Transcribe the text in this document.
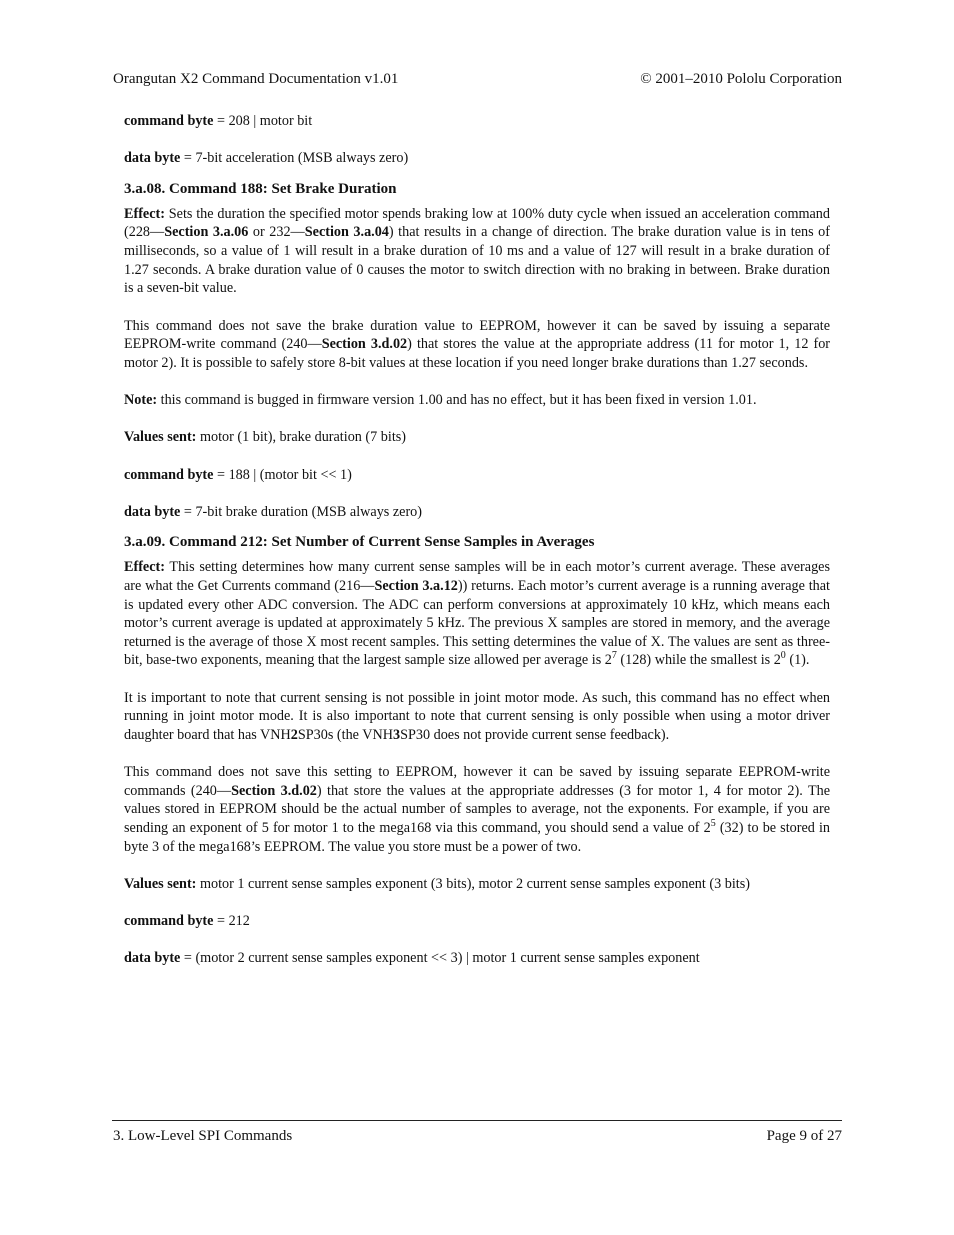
Orangutan X2 Command Documentation v1.01	© 2001–2010 Pololu Corporation

command byte = 208 | motor bit

data byte = 7-bit acceleration (MSB always zero)

3.a.08. Command 188: Set Brake Duration

Effect: Sets the duration the specified motor spends braking low at 100% duty cycle when issued an acceleration command (228—Section 3.a.06 or 232—Section 3.a.04) that results in a change of direction. The brake duration value is in tens of milliseconds, so a value of 1 will result in a brake duration of 10 ms and a value of 127 will result in a brake duration of 1.27 seconds. A brake duration value of 0 causes the motor to switch direction with no braking in between. Brake duration is a seven-bit value.

This command does not save the brake duration value to EEPROM, however it can be saved by issuing a separate EEPROM-write command (240—Section 3.d.02) that stores the value at the appropriate address (11 for motor 1, 12 for motor 2). It is possible to safely store 8-bit values at these location if you need longer brake durations than 1.27 seconds.

Note: this command is bugged in firmware version 1.00 and has no effect, but it has been fixed in version 1.01.

Values sent: motor (1 bit), brake duration (7 bits)

command byte = 188 | (motor bit << 1)

data byte = 7-bit brake duration (MSB always zero)

3.a.09. Command 212: Set Number of Current Sense Samples in Averages

Effect: This setting determines how many current sense samples will be in each motor’s current average. These averages are what the Get Currents command (216—Section 3.a.12)) returns. Each motor’s current average is a running average that is updated every other ADC conversion. The ADC can perform conversions at approximately 10 kHz, which means each motor’s current average is updated at approximately 5 kHz. The previous X samples are stored in memory, and the average returned is the average of those X most recent samples. This setting determines the value of X. The values are sent as three-bit, base-two exponents, meaning that the largest sample size allowed per average is $2^7$ (128) while the smallest is $2^0$ (1).

It is important to note that current sensing is not possible in joint motor mode. As such, this command has no effect when running in joint motor mode. It is also important to note that current sensing is only possible when using a motor driver daughter board that has VNH2SP30s (the VNH3SP30 does not provide current sense feedback).

This command does not save this setting to EEPROM, however it can be saved by issuing separate EEPROM-write commands (240—Section 3.d.02) that store the values at the appropriate addresses (3 for motor 1, 4 for motor 2). The values stored in EEPROM should be the actual number of samples to average, not the exponents. For example, if you are sending an exponent of 5 for motor 1 to the mega168 via this command, you should send a value of $2^5$ (32) to be stored in byte 3 of the mega168’s EEPROM. The value you store must be a power of two.

Values sent: motor 1 current sense samples exponent (3 bits), motor 2 current sense samples exponent (3 bits)

command byte = 212

data byte = (motor 2 current sense samples exponent << 3) | motor 1 current sense samples exponent

3. Low-Level SPI Commands	Page 9 of 27
